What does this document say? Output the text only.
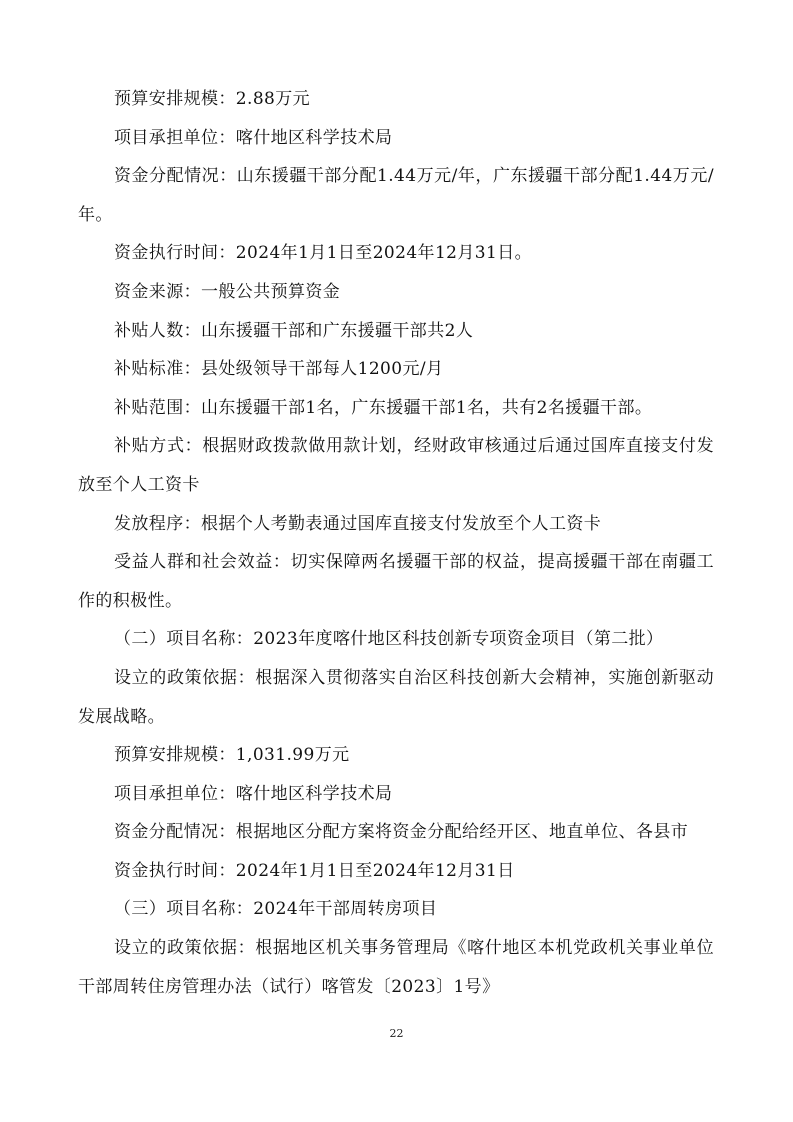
预算安排规模：2.88万元

项目承担单位：喀什地区科学技术局

资金分配情况：山东援疆干部分配1.44万元/年，广东援疆干部分配1.44万元/年。

资金执行时间：2024年1月1日至2024年12月31日。

资金来源：一般公共预算资金

补贴人数：山东援疆干部和广东援疆干部共2人

补贴标准：县处级领导干部每人1200元/月

补贴范围：山东援疆干部1名，广东援疆干部1名，共有2名援疆干部。

补贴方式：根据财政拨款做用款计划，经财政审核通过后通过国库直接支付发放至个人工资卡

发放程序：根据个人考勤表通过国库直接支付发放至个人工资卡

受益人群和社会效益：切实保障两名援疆干部的权益，提高援疆干部在南疆工作的积极性。

（二）项目名称：2023年度喀什地区科技创新专项资金项目（第二批）

设立的政策依据：根据深入贯彻落实自治区科技创新大会精神，实施创新驱动发展战略。

预算安排规模：1,031.99万元

项目承担单位：喀什地区科学技术局

资金分配情况：根据地区分配方案将资金分配给经开区、地直单位、各县市

资金执行时间：2024年1月1日至2024年12月31日

（三）项目名称：2024年干部周转房项目

设立的政策依据：根据地区机关事务管理局《喀什地区本机党政机关事业单位干部周转住房管理办法（试行）喀管发〔2023〕1号》

22
